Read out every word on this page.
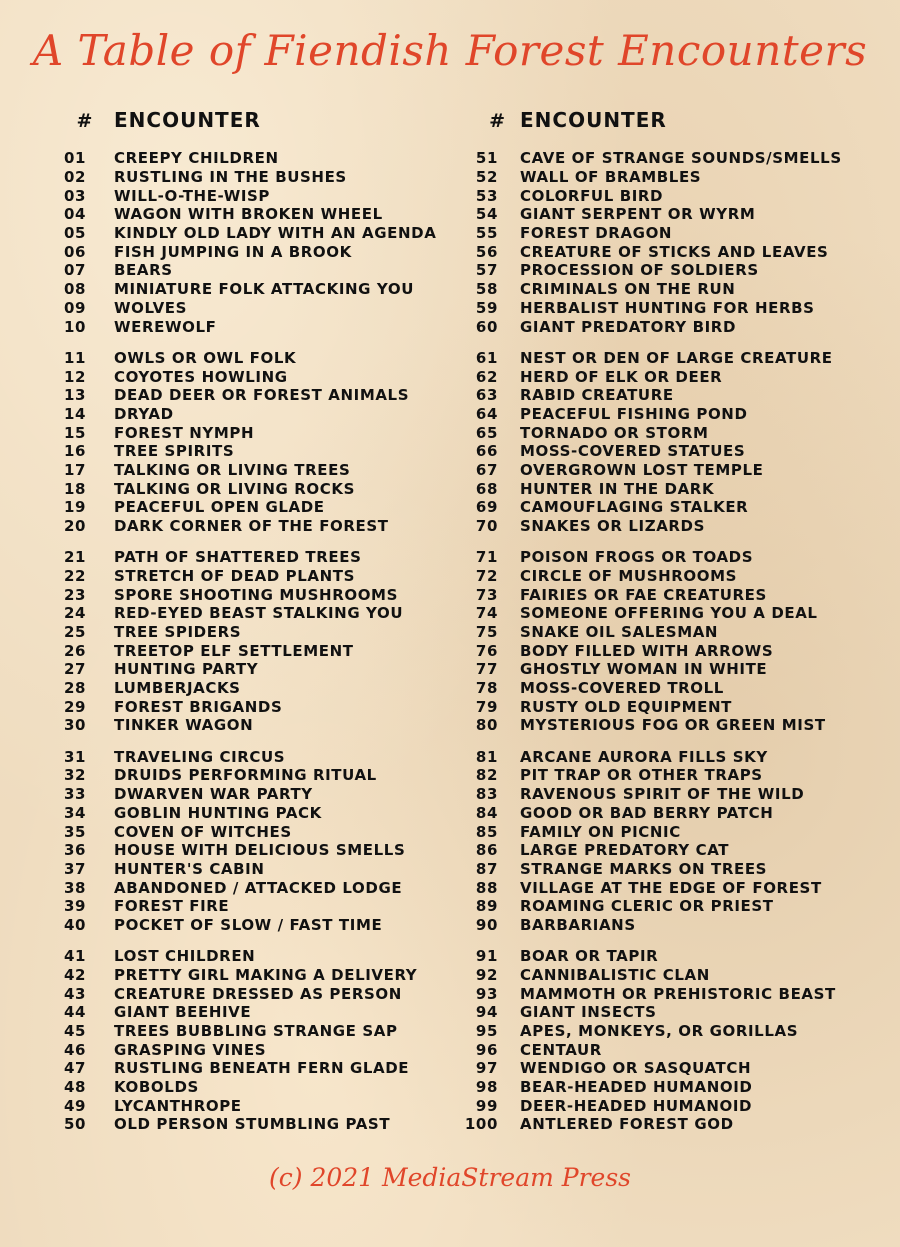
A Table of Fiendish Forest Encounters
#	ENCOUNTER
01	CREEPY CHILDREN
02	RUSTLING IN THE BUSHES
03	WILL-O-THE-WISP
04	WAGON WITH BROKEN WHEEL
05	KINDLY OLD LADY WITH AN AGENDA
06	FISH JUMPING IN A BROOK
07	BEARS
08	MINIATURE FOLK ATTACKING YOU
09	WOLVES
10	WEREWOLF
11	OWLS OR OWL FOLK
12	COYOTES HOWLING
13	DEAD DEER OR FOREST ANIMALS
14	DRYAD
15	FOREST NYMPH
16	TREE SPIRITS
17	TALKING OR LIVING TREES
18	TALKING OR LIVING ROCKS
19	PEACEFUL OPEN GLADE
20	DARK CORNER OF THE FOREST
21	PATH OF SHATTERED TREES
22	STRETCH OF DEAD PLANTS
23	SPORE SHOOTING MUSHROOMS
24	RED-EYED BEAST STALKING YOU
25	TREE SPIDERS
26	TREETOP ELF SETTLEMENT
27	HUNTING PARTY
28	LUMBERJACKS
29	FOREST BRIGANDS
30	TINKER WAGON
31	TRAVELING CIRCUS
32	DRUIDS PERFORMING RITUAL
33	DWARVEN WAR PARTY
34	GOBLIN HUNTING PACK
35	COVEN OF WITCHES
36	HOUSE WITH DELICIOUS SMELLS
37	HUNTER'S CABIN
38	ABANDONED / ATTACKED LODGE
39	FOREST FIRE
40	POCKET OF SLOW / FAST TIME
41	LOST CHILDREN
42	PRETTY GIRL MAKING A DELIVERY
43	CREATURE DRESSED AS PERSON
44	GIANT BEEHIVE
45	TREES BUBBLING STRANGE SAP
46	GRASPING VINES
47	RUSTLING BENEATH FERN GLADE
48	KOBOLDS
49	LYCANTHROPE
50	OLD PERSON STUMBLING PAST
# ENCOUNTER
51	CAVE OF STRANGE SOUNDS/SMELLS
52	WALL OF BRAMBLES
53	COLORFUL BIRD
54	GIANT SERPENT OR WYRM
55	FOREST DRAGON
56	CREATURE OF STICKS AND LEAVES
57	PROCESSION OF SOLDIERS
58	CRIMINALS ON THE RUN
59	HERBALIST HUNTING FOR HERBS
60	GIANT PREDATORY BIRD
61	NEST OR DEN OF LARGE CREATURE
62	HERD OF ELK OR DEER
63	RABID CREATURE
64	PEACEFUL FISHING POND
65	TORNADO OR STORM
66	MOSS-COVERED STATUES
67	OVERGROWN LOST TEMPLE
68	HUNTER IN THE DARK
69	CAMOUFLAGING STALKER
70	SNAKES OR LIZARDS
71	POISON FROGS OR TOADS
72	CIRCLE OF MUSHROOMS
73	FAIRIES OR FAE CREATURES
74	SOMEONE OFFERING YOU A DEAL
75	SNAKE OIL SALESMAN
76	BODY FILLED WITH ARROWS
77	GHOSTLY WOMAN IN WHITE
78	MOSS-COVERED TROLL
79	RUSTY OLD EQUIPMENT
80	MYSTERIOUS FOG OR GREEN MIST
81	ARCANE AURORA FILLS SKY
82	PIT TRAP OR OTHER TRAPS
83	RAVENOUS SPIRIT OF THE WILD
84	GOOD OR BAD BERRY PATCH
85	FAMILY ON PICNIC
86	LARGE PREDATORY CAT
87	STRANGE MARKS ON TREES
88	VILLAGE AT THE EDGE OF FOREST
89	ROAMING CLERIC OR PRIEST
90	BARBARIANS
91	BOAR OR TAPIR
92	CANNIBALISTIC CLAN
93	MAMMOTH OR PREHISTORIC BEAST
94	GIANT INSECTS
95	APES, MONKEYS, OR GORILLAS
96	CENTAUR
97	WENDIGO OR SASQUATCH
98	BEAR-HEADED HUMANOID
99	DEER-HEADED HUMANOID
100	ANTLERED FOREST GOD
(c) 2021 MediaStream Press
